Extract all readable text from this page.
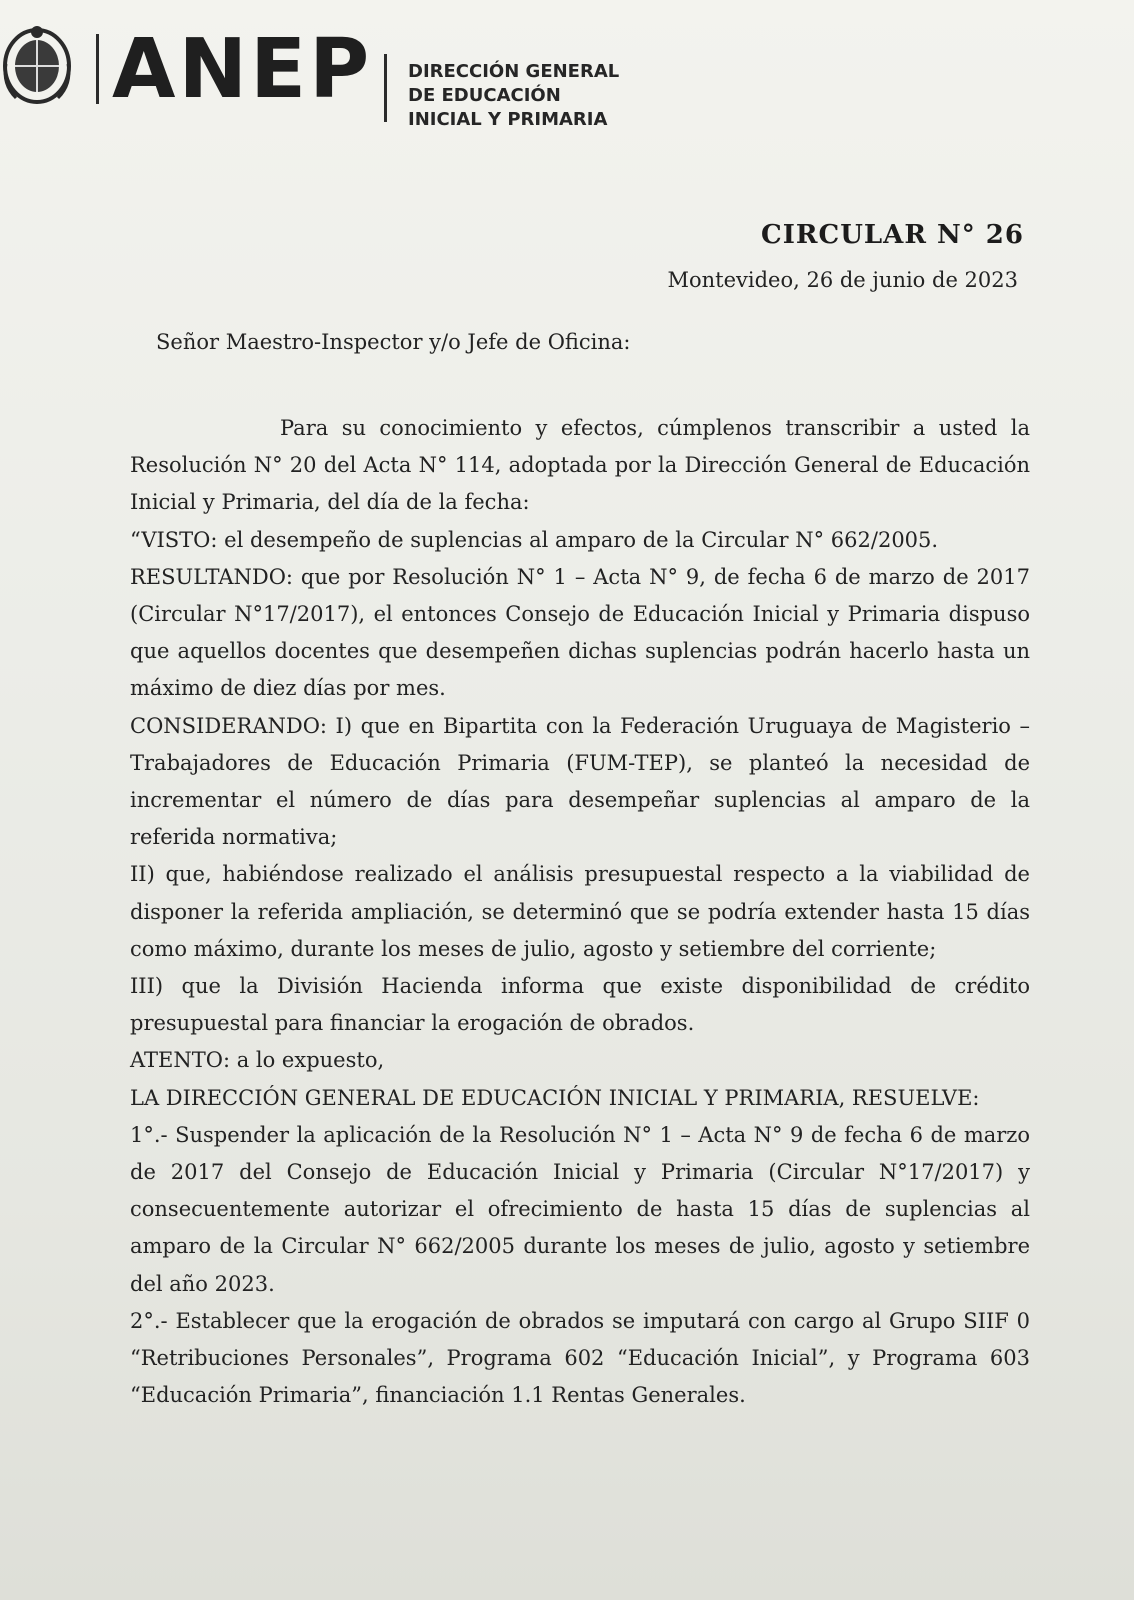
ANEP DIRECCIÓN GENERAL
DE EDUCACIÓN
INICIAL Y PRIMARIA
CIRCULAR N° 26
Montevideo, 26 de junio de 2023
Señor Maestro-Inspector y/o Jefe de Oficina:

Para su conocimiento y efectos, cúmplenos transcribir a usted la Resolución N° 20 del Acta N° 114, adoptada por la Dirección General de Educación Inicial y Primaria, del día de la fecha:

“VISTO: el desempeño de suplencias al amparo de la Circular N° 662/2005.

RESULTANDO: que por Resolución N° 1 – Acta N° 9, de fecha 6 de marzo de 2017 (Circular N°17/2017), el entonces Consejo de Educación Inicial y Primaria dispuso que aquellos docentes que desempeñen dichas suplencias podrán hacerlo hasta un máximo de diez días por mes.

CONSIDERANDO: I) que en Bipartita con la Federación Uruguaya de Magisterio – Trabajadores de Educación Primaria (FUM-TEP), se planteó la necesidad de incrementar el número de días para desempeñar suplencias al amparo de la referida normativa;

II) que, habiéndose realizado el análisis presupuestal respecto a la viabilidad de disponer la referida ampliación, se determinó que se podría extender hasta 15 días como máximo, durante los meses de julio, agosto y setiembre del corriente;

III) que la División Hacienda informa que existe disponibilidad de crédito presupuestal para financiar la erogación de obrados.

ATENTO: a lo expuesto,

LA DIRECCIÓN GENERAL DE EDUCACIÓN INICIAL Y PRIMARIA, RESUELVE:

1°.- Suspender la aplicación de la Resolución N° 1 – Acta N° 9 de fecha 6 de marzo de 2017 del Consejo de Educación Inicial y Primaria (Circular N°17/2017) y consecuentemente autorizar el ofrecimiento de hasta 15 días de suplencias al amparo de la Circular N° 662/2005 durante los meses de julio, agosto y setiembre del año 2023.

2°.- Establecer que la erogación de obrados se imputará con cargo al Grupo SIIF 0 “Retribuciones Personales”, Programa 602 “Educación Inicial”, y Programa 603 “Educación Primaria”, financiación 1.1 Rentas Generales.
